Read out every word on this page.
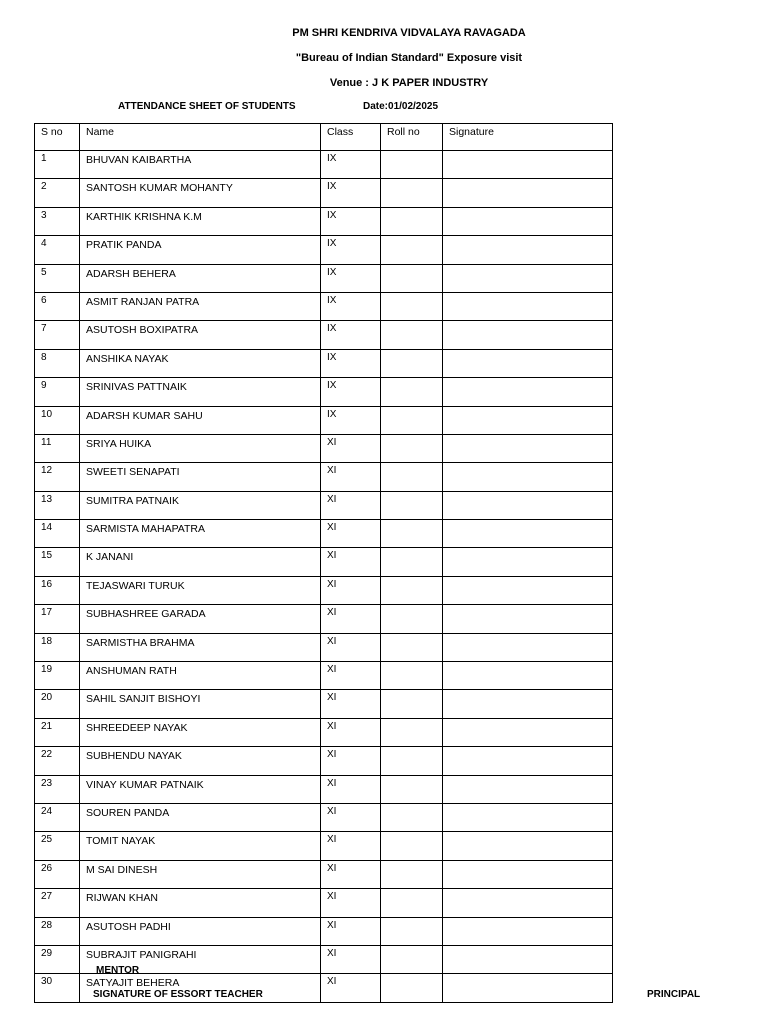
PM SHRI KENDRIVA VIDVALAYA RAVAGADA
"Bureau of Indian Standard" Exposure visit
Venue : J K PAPER INDUSTRY
ATTENDANCE SHEET OF STUDENTS	Date:01/02/2025
S no	Name	Class	Roll no	Signature
1	BHUVAN KAIBARTHA	IX		
2	SANTOSH KUMAR MOHANTY	IX		
3	KARTHIK KRISHNA K.M	IX		
4	PRATIK PANDA	IX		
5	ADARSH BEHERA	IX		
6	ASMIT RANJAN PATRA	IX		
7	ASUTOSH BOXIPATRA	IX		
8	ANSHIKA NAYAK	IX		
9	SRINIVAS PATTNAIK	IX		
10	ADARSH KUMAR SAHU	IX		
11	SRIYA HUIKA	XI		
12	SWEETI SENAPATI	XI		
13	SUMITRA PATNAIK	XI		
14	SARMISTA MAHAPATRA	XI		
15	K JANANI	XI		
16	TEJASWARI TURUK	XI		
17	SUBHASHREE GARADA	XI		
18	SARMISTHA BRAHMA	XI		
19	ANSHUMAN RATH	XI		
20	SAHIL SANJIT BISHOYI	XI		
21	SHREEDEEP NAYAK	XI		
22	SUBHENDU NAYAK	XI		
23	VINAY KUMAR PATNAIK	XI		
24	SOUREN PANDA	XI		
25	TOMIT NAYAK	XI		
26	M SAI DINESH	XI		
27	RIJWAN KHAN	XI		
28	ASUTOSH PADHI	XI		
29	SUBRAJIT PANIGRAHI	XI		
30	SATYAJIT BEHERA	XI		
MENTOR
SIGNATURE OF ESSORT TEACHER	PRINCIPAL
